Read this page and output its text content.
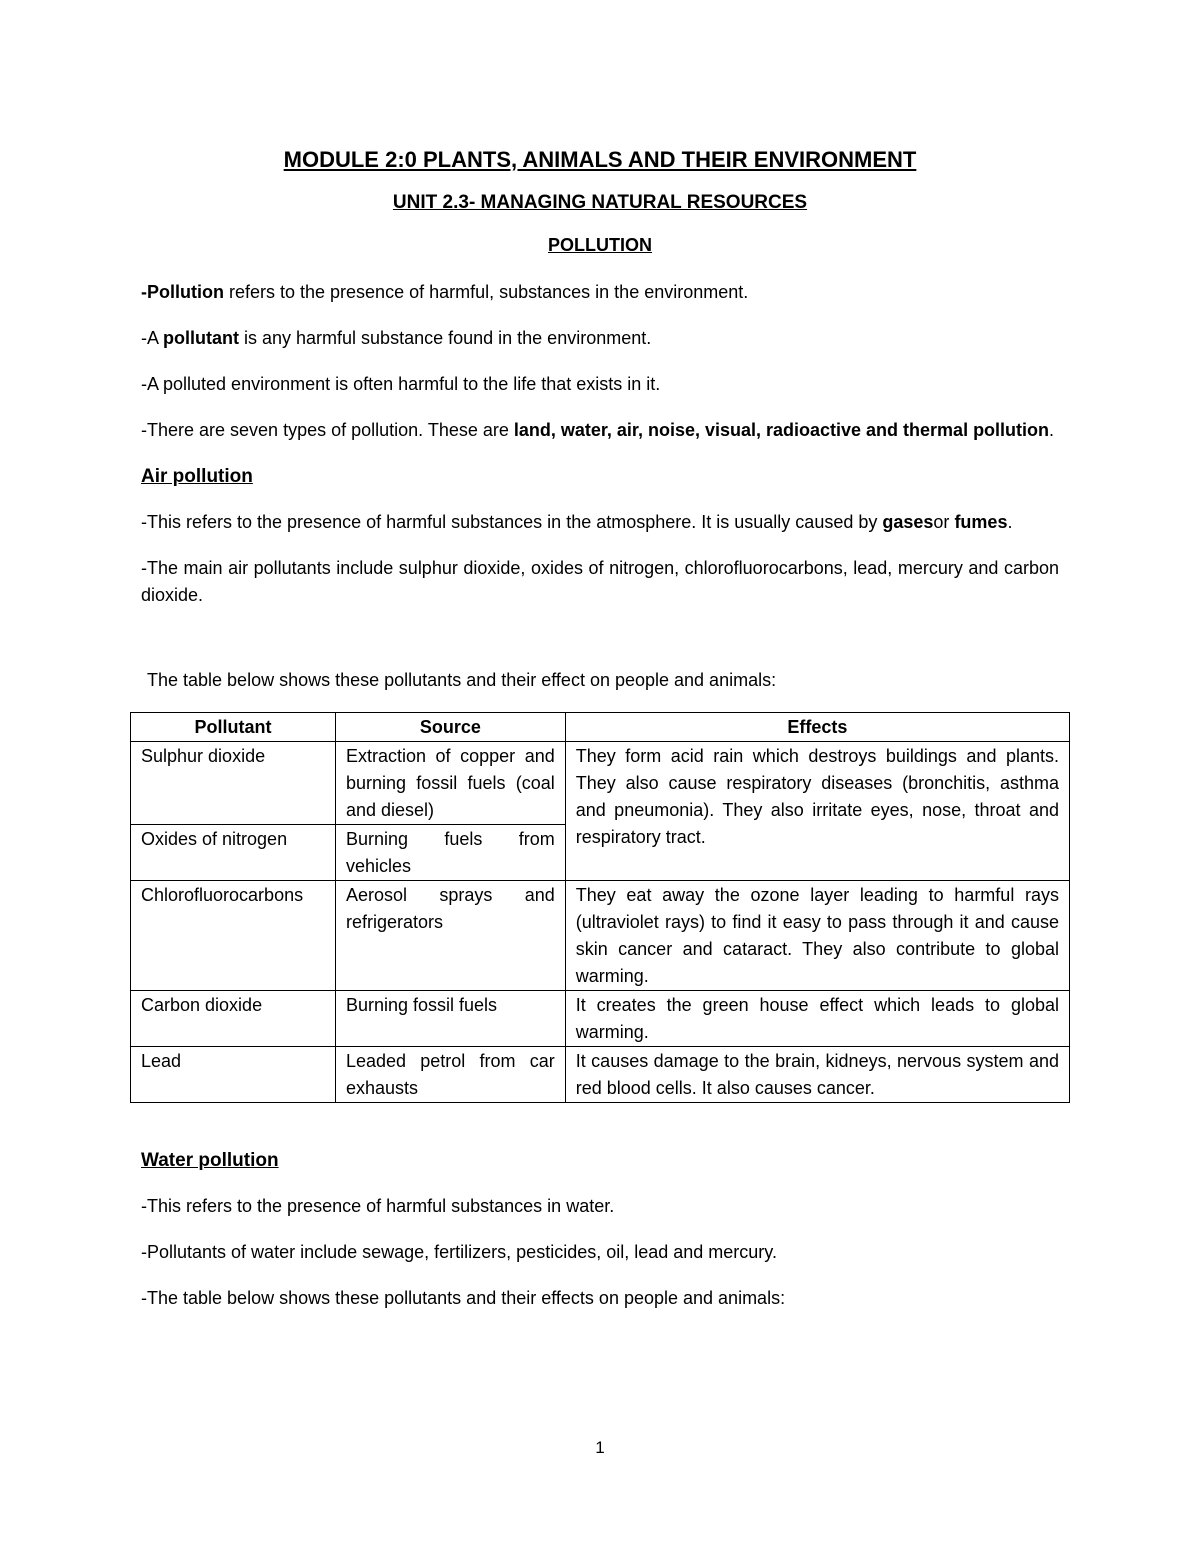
MODULE 2:0 PLANTS, ANIMALS AND THEIR ENVIRONMENT
UNIT 2.3- MANAGING NATURAL RESOURCES
POLLUTION

-Pollution refers to the presence of harmful, substances in the environment.

-A pollutant is any harmful substance found in the environment.

-A polluted environment is often harmful to the life that exists in it.

-There are seven types of pollution. These are land, water, air, noise, visual, radioactive and thermal pollution.

Air pollution

-This refers to the presence of harmful substances in the atmosphere. It is usually caused by gasesor fumes.

-The main air pollutants include sulphur dioxide, oxides of nitrogen, chlorofluorocarbons, lead, mercury and carbon dioxide.

The table below shows these pollutants and their effect on people and animals:

Pollutant	Source	Effects
Sulphur dioxide	Extraction of copper and burning fossil fuels (coal and diesel)	They form acid rain which destroys buildings and plants. They also cause respiratory diseases (bronchitis, asthma and pneumonia). They also irritate eyes, nose, throat and respiratory tract.
Oxides of nitrogen	Burning fuels from vehicles	
Chlorofluorocarbons	Aerosol sprays and refrigerators	They eat away the ozone layer leading to harmful rays (ultraviolet rays) to find it easy to pass through it and cause skin cancer and cataract. They also contribute to global warming.
Carbon dioxide	Burning fossil fuels	It creates the green house effect which leads to global warming.
Lead	Leaded petrol from car exhausts	It causes damage to the brain, kidneys, nervous system and red blood cells. It also causes cancer.

Water pollution

-This refers to the presence of harmful substances in water.

-Pollutants of water include sewage, fertilizers, pesticides, oil, lead and mercury.

-The table below shows these pollutants and their effects on people and animals:

1
